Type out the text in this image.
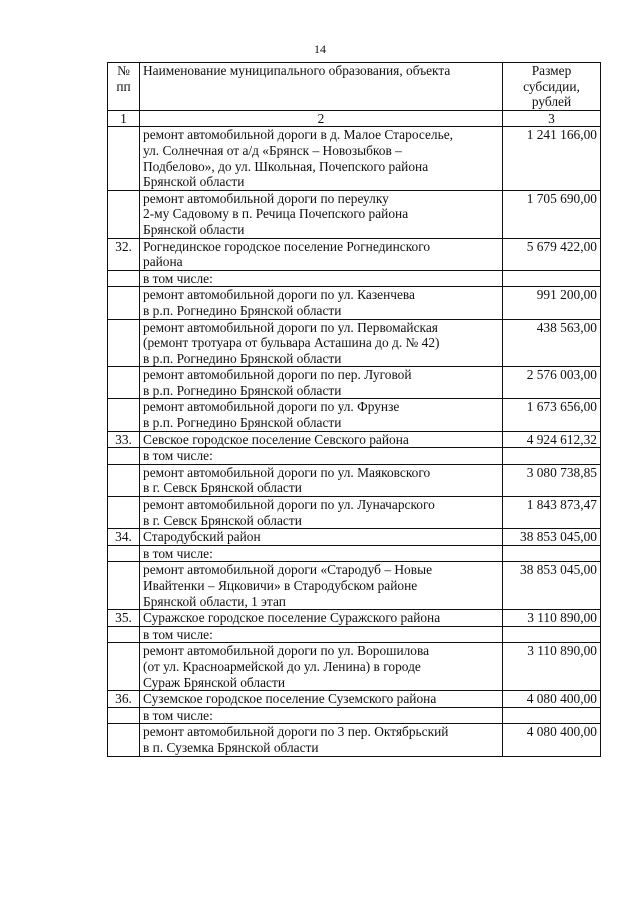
14
№
пп	Наименование муниципального образования, объекта	Размер
субсидии,
рублей
1	2	3
	ремонт автомобильной дороги в д. Малое Староселье,
ул. Солнечная от а/д «Брянск – Новозыбков –
Подбелово», до ул. Школьная, Почепского района
Брянской области	1 241 166,00
	ремонт автомобильной дороги по переулку
2-му Садовому в п. Речица Почепского района
Брянской области	1 705 690,00
32.	Рогнединское городское поселение Рогнединского
района	5 679 422,00
	в том числе:	
	ремонт автомобильной дороги по ул. Казенчева
в р.п. Рогнедино Брянской области	991 200,00
	ремонт автомобильной дороги по ул. Первомайская
(ремонт тротуара от бульвара Асташина до д. № 42)
в р.п. Рогнедино Брянской области	438 563,00
	ремонт автомобильной дороги по пер. Луговой
в р.п. Рогнедино Брянской области	2 576 003,00
	ремонт автомобильной дороги по ул. Фрунзе
в р.п. Рогнедино Брянской области	1 673 656,00
33.	Севское городское поселение Севского района	4 924 612,32
	в том числе:	
	ремонт автомобильной дороги по ул. Маяковского
в г. Севск Брянской области	3 080 738,85
	ремонт автомобильной дороги по ул. Луначарского
в г. Севск Брянской области	1 843 873,47
34.	Стародубский район	38 853 045,00
	в том числе:	
	ремонт автомобильной дороги «Стародуб – Новые
Ивайтенки – Яцковичи» в Стародубском районе
Брянской области, 1 этап	38 853 045,00
35.	Суражское городское поселение Суражского района	3 110 890,00
	в том числе:	
	ремонт автомобильной дороги по ул. Ворошилова
(от ул. Красноармейской до ул. Ленина) в городе
Сураж Брянской области	3 110 890,00
36.	Суземское городское поселение Суземского района	4 080 400,00
	в том числе:	
	ремонт автомобильной дороги по 3 пер. Октябрьский
в п. Суземка Брянской области	4 080 400,00
